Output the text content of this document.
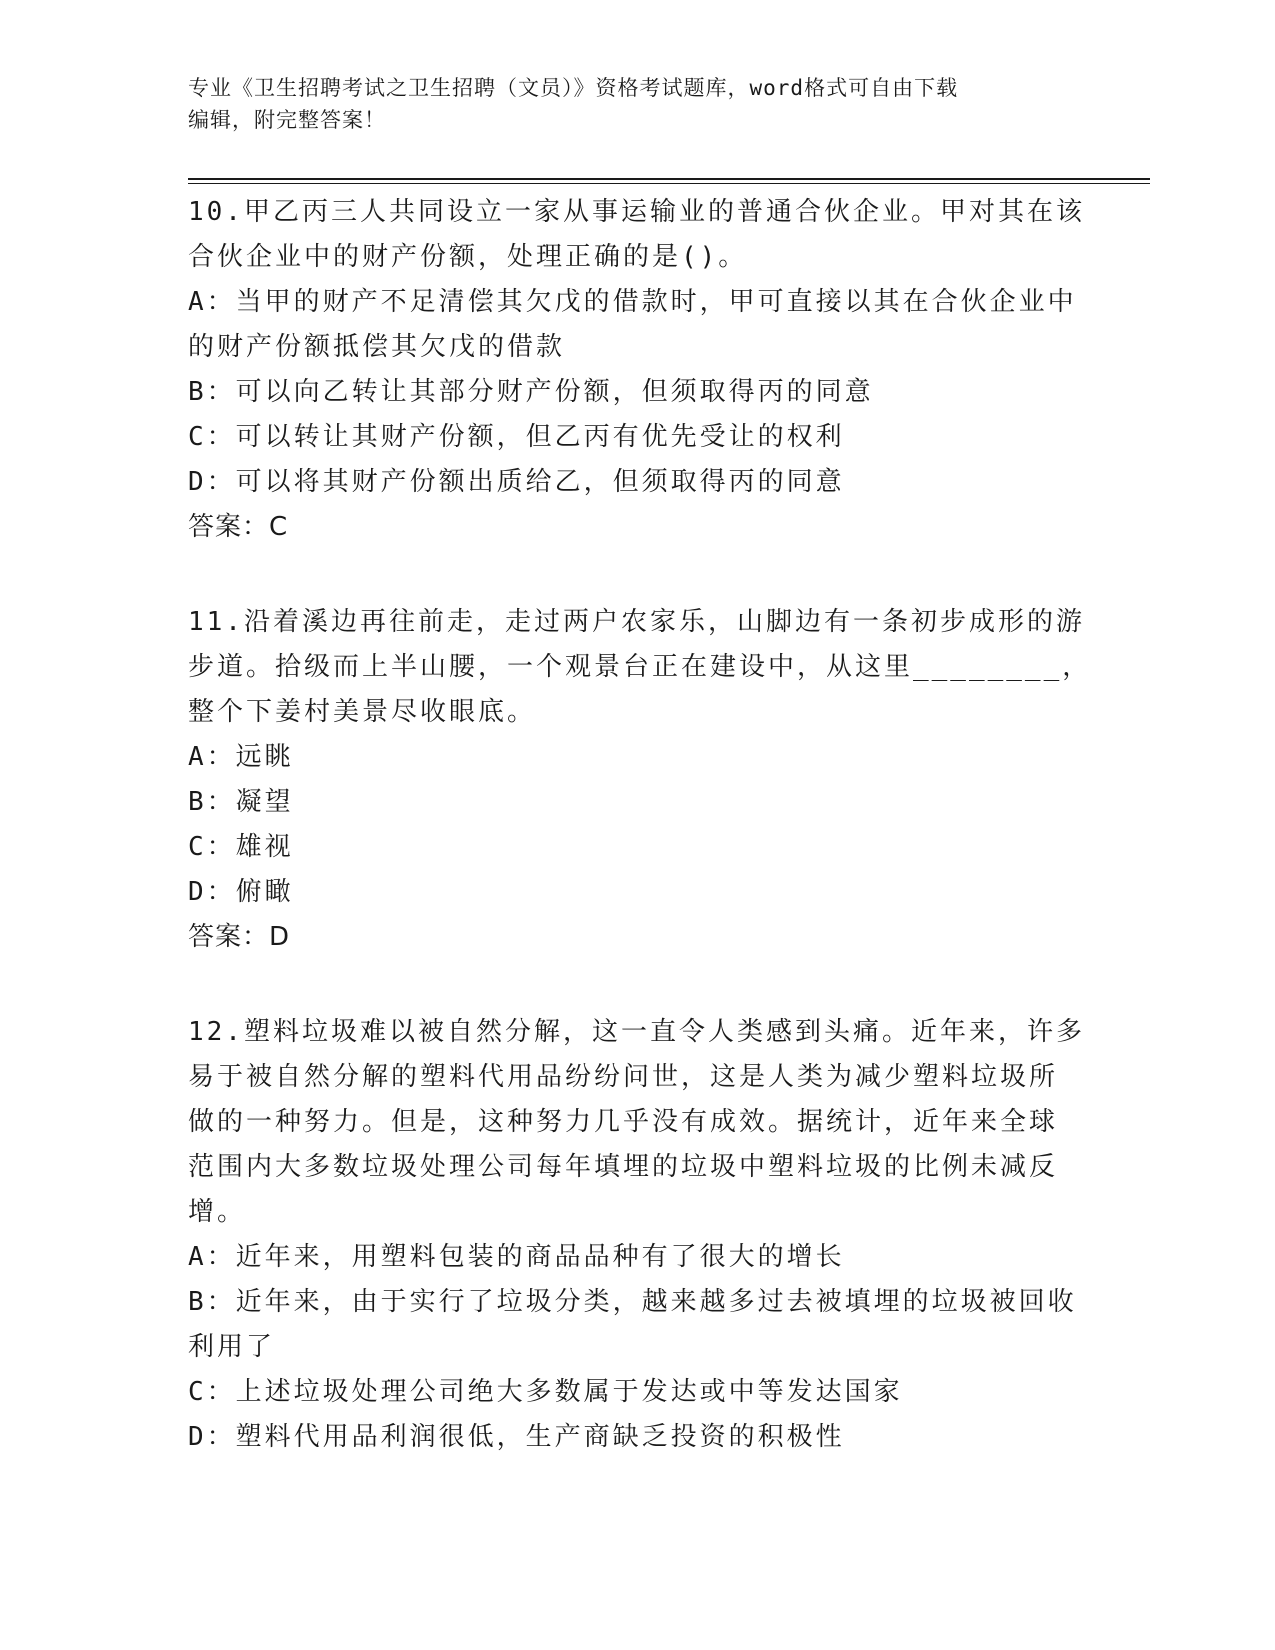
专业《卫生招聘考试之卫生招聘（文员）》资格考试题库，word格式可自由下载
编辑，附完整答案！
10.甲乙丙三人共同设立一家从事运输业的普通合伙企业。甲对其在该
合伙企业中的财产份额，处理正确的是()。
A：当甲的财产不足清偿其欠戊的借款时，甲可直接以其在合伙企业中
的财产份额抵偿其欠戊的借款
B：可以向乙转让其部分财产份额，但须取得丙的同意
C：可以转让其财产份额，但乙丙有优先受让的权利
D：可以将其财产份额出质给乙，但须取得丙的同意
答案：C
11.沿着溪边再往前走，走过两户农家乐，山脚边有一条初步成形的游
步道。拾级而上半山腰，一个观景台正在建设中，从这里________，
整个下姜村美景尽收眼底。
A：远眺
B：凝望
C：雄视
D：俯瞰
答案：D
12.塑料垃圾难以被自然分解，这一直令人类感到头痛。近年来，许多
易于被自然分解的塑料代用品纷纷问世，这是人类为减少塑料垃圾所
做的一种努力。但是，这种努力几乎没有成效。据统计，近年来全球
范围内大多数垃圾处理公司每年填埋的垃圾中塑料垃圾的比例未减反
增。
A：近年来，用塑料包装的商品品种有了很大的增长
B：近年来，由于实行了垃圾分类，越来越多过去被填埋的垃圾被回收
利用了
C：上述垃圾处理公司绝大多数属于发达或中等发达国家
D：塑料代用品利润很低，生产商缺乏投资的积极性
